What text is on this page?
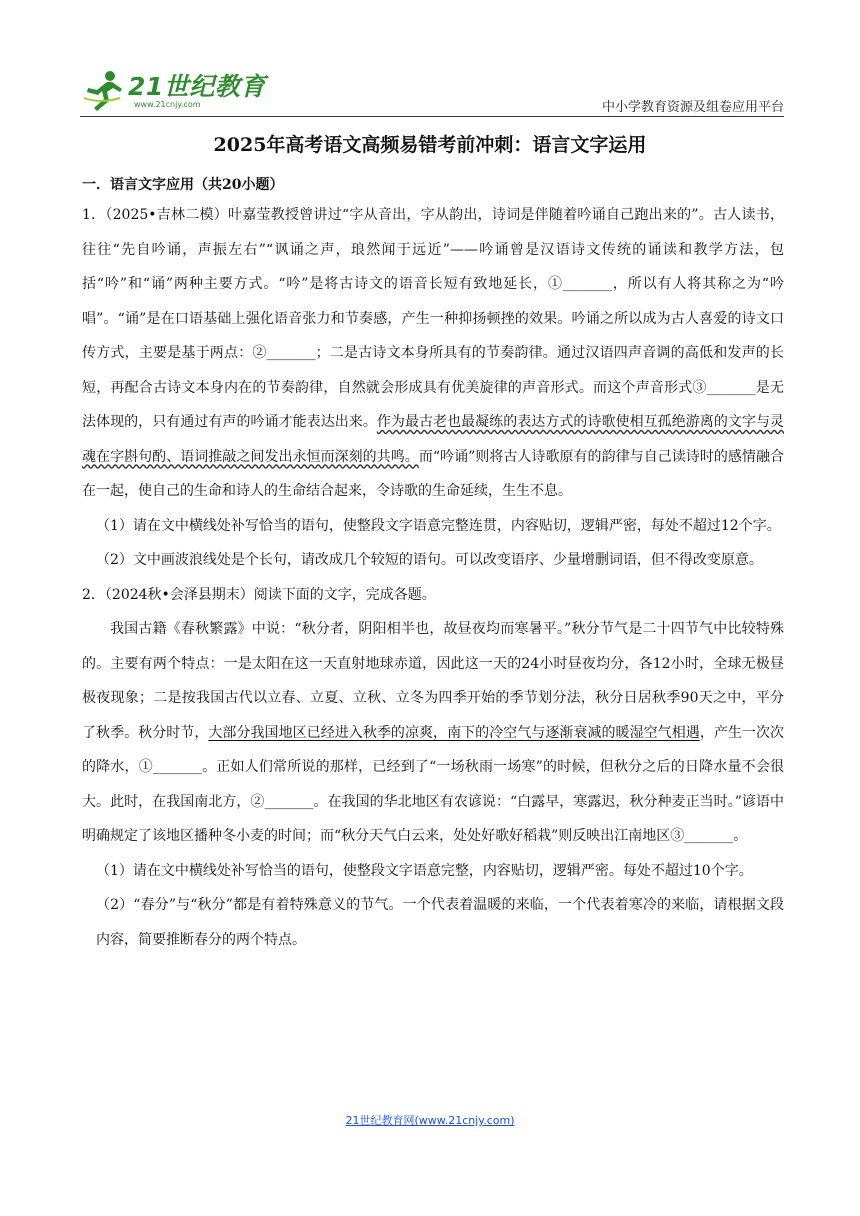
21世纪教育
www.21cnjy.com	中小学教育资源及组卷应用平台
2025年高考语文高频易错考前冲刺：语言文字运用
一．语言文字应用（共20小题）

1．（2025•吉林二模）叶嘉莹教授曾讲过“字从音出，字从韵出，诗词是伴随着吟诵自己跑出来的”。古人读书，往往“先自吟诵，声振左右”“讽诵之声，琅然闻于远近”——吟诵曾是汉语诗文传统的诵读和教学方法，包括“吟”和“诵”两种主要方式。“吟”是将古诗文的语音长短有致地延长，①_______，所以有人将其称之为“吟唱”。“诵”是在口语基础上强化语音张力和节奏感，产生一种抑扬顿挫的效果。吟诵之所以成为古人喜爱的诗文口传方式，主要是基于两点：②_______；二是古诗文本身所具有的节奏韵律。通过汉语四声音调的高低和发声的长短，再配合古诗文本身内在的节奏韵律，自然就会形成具有优美旋律的声音形式。而这个声音形式③_______是无法体现的，只有通过有声的吟诵才能表达出来。作为最古老也最凝练的表达方式的诗歌使相互孤绝游离的文字与灵魂在字斟句酌、语词推敲之间发出永恒而深刻的共鸣。而“吟诵”则将古人诗歌原有的韵律与自己读诗时的感情融合在一起，使自己的生命和诗人的生命结合起来，令诗歌的生命延续，生生不息。

（1）请在文中横线处补写恰当的语句，使整段文字语意完整连贯，内容贴切，逻辑严密，每处不超过12个字。

（2）文中画波浪线处是个长句，请改成几个较短的语句。可以改变语序、少量增删词语，但不得改变原意。

2．（2024秋•会泽县期末）阅读下面的文字，完成各题。

我国古籍《春秋繁露》中说：“秋分者，阴阳相半也，故昼夜均而寒暑平。”秋分节气是二十四节气中比较特殊的。主要有两个特点：一是太阳在这一天直射地球赤道，因此这一天的24小时昼夜均分，各12小时，全球无极昼极夜现象；二是按我国古代以立春、立夏、立秋、立冬为四季开始的季节划分法，秋分日居秋季90天之中，平分了秋季。秋分时节，大部分我国地区已经进入秋季的凉爽，南下的冷空气与逐渐衰减的暖湿空气相遇，产生一次次的降水，①_______。正如人们常所说的那样，已经到了“一场秋雨一场寒”的时候，但秋分之后的日降水量不会很大。此时，在我国南北方，②_______。在我国的华北地区有农谚说：“白露早，寒露迟，秋分种麦正当时。”谚语中明确规定了该地区播种冬小麦的时间；而“秋分天气白云来，处处好歌好稻栽”则反映出江南地区③_______。

（1）请在文中横线处补写恰当的语句，使整段文字语意完整，内容贴切，逻辑严密。每处不超过10个字。

（2）“春分”与“秋分”都是有着特殊意义的节气。一个代表着温暖的来临，一个代表着寒冷的来临，请根据文段内容，简要推断春分的两个特点。

21世纪教育网(www.21cnjy.com)
